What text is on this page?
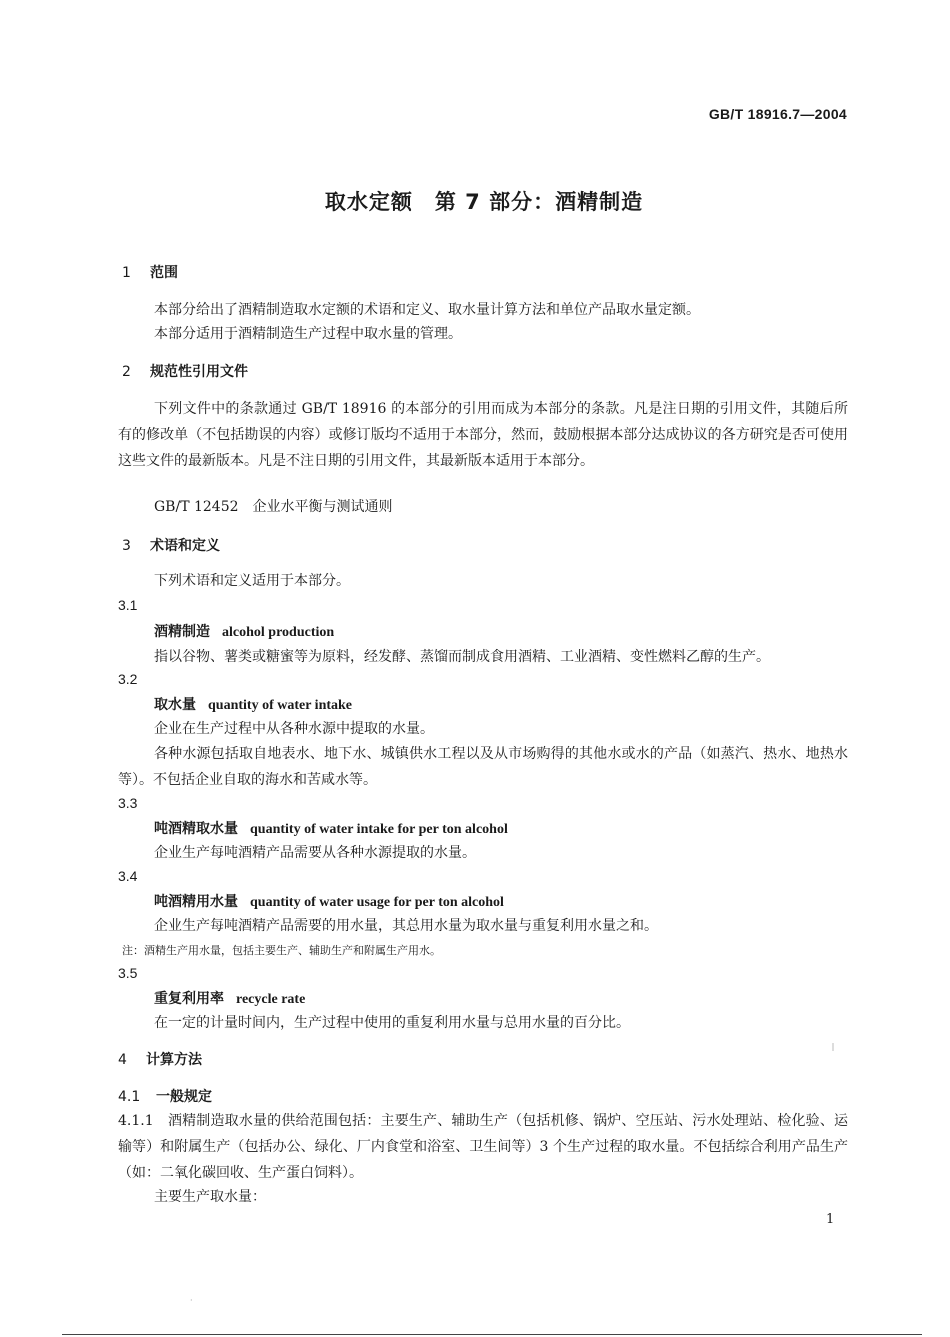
GB/T 18916.7—2004
取水定额　第 7 部分：酒精制造
1 范围
本部分给出了酒精制造取水定额的术语和定义、取水量计算方法和单位产品取水量定额。
本部分适用于酒精制造生产过程中取水量的管理。
2 规范性引用文件
下列文件中的条款通过 GB/T 18916 的本部分的引用而成为本部分的条款。凡是注日期的引用文件，其随后所有的修改单（不包括勘误的内容）或修订版均不适用于本部分，然而，鼓励根据本部分达成协议的各方研究是否可使用这些文件的最新版本。凡是不注日期的引用文件，其最新版本适用于本部分。
GB/T 12452　企业水平衡与测试通则
3 术语和定义
下列术语和定义适用于本部分。
3.1
酒精制造 alcohol production
指以谷物、薯类或糖蜜等为原料，经发酵、蒸馏而制成食用酒精、工业酒精、变性燃料乙醇的生产。
3.2
取水量 quantity of water intake
企业在生产过程中从各种水源中提取的水量。
各种水源包括取自地表水、地下水、城镇供水工程以及从市场购得的其他水或水的产品（如蒸汽、热水、地热水等）。不包括企业自取的海水和苦咸水等。
3.3
吨酒精取水量 quantity of water intake for per ton alcohol
企业生产每吨酒精产品需要从各种水源提取的水量。
3.4
吨酒精用水量 quantity of water usage for per ton alcohol
企业生产每吨酒精产品需要的用水量，其总用水量为取水量与重复利用水量之和。
注：酒精生产用水量，包括主要生产、辅助生产和附属生产用水。
3.5
重复利用率 recycle rate
在一定的计量时间内，生产过程中使用的重复利用水量与总用水量的百分比。
4 计算方法
4.1 一般规定
4.1.1　酒精制造取水量的供给范围包括：主要生产、辅助生产（包括机修、锅炉、空压站、污水处理站、检化验、运输等）和附属生产（包括办公、绿化、厂内食堂和浴室、卫生间等）3 个生产过程的取水量。不包括综合利用产品生产（如：二氧化碳回收、生产蛋白饲料）。
主要生产取水量：
1
·
